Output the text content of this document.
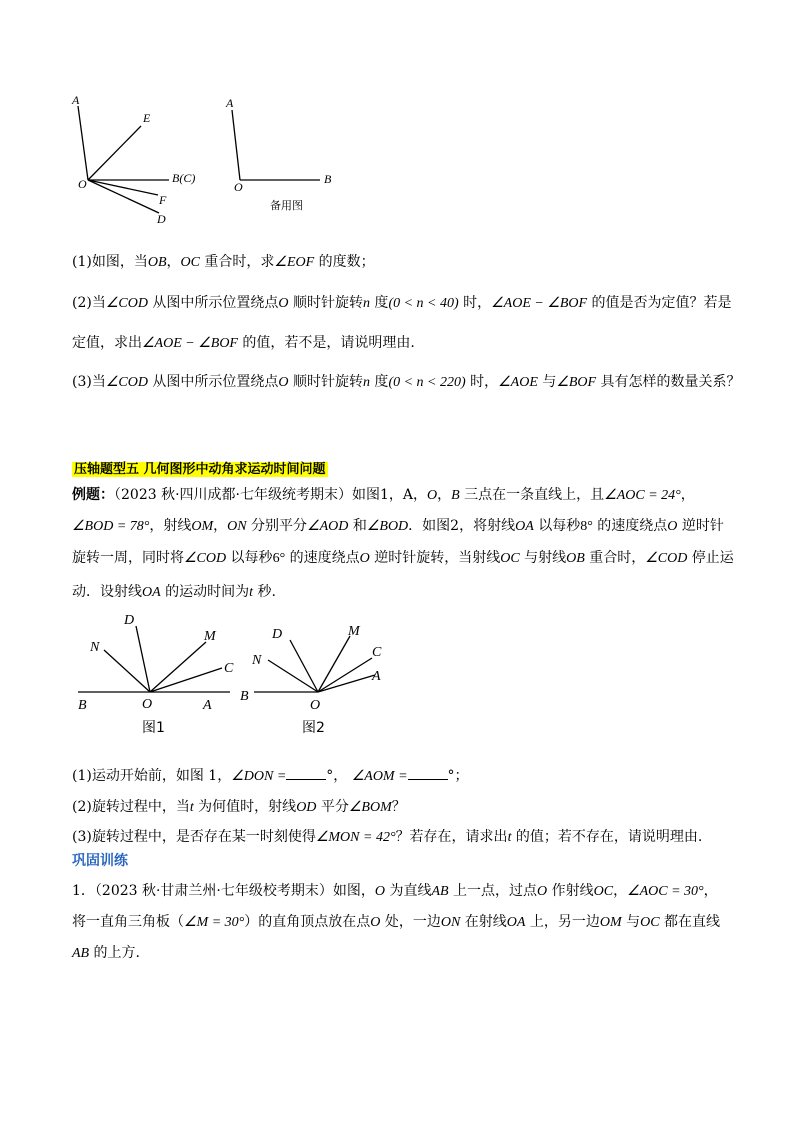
A
E
O	B(C)
F
D
A
O
B
备用图
(1)如图，当OB，OC 重合时，求∠EOF 的度数；
(2)当∠COD 从图中所示位置绕点O 顺时针旋转n 度(0 < n < 40) 时，∠AOE − ∠BOF 的值是否为定值？若是
定值，求出∠AOE − ∠BOF 的值，若不是，请说明理由.
(3)当∠COD 从图中所示位置绕点O 顺时针旋转n 度(0 < n < 220) 时，∠AOE 与∠BOF 具有怎样的数量关系？
压轴题型五 几何图形中动角求运动时间问题
例题：（2023 秋·四川成都·七年级统考期末）如图1，A，O，B 三点在一条直线上，且∠AOC = 24°，
∠BOD = 78°，射线OM，ON 分别平分∠AOD 和∠BOD．如图2，将射线OA 以每秒8° 的速度绕点O 逆时针
旋转一周，同时将∠COD 以每秒6° 的速度绕点O 逆时针旋转，当射线OC 与射线OB 重合时，∠COD 停止运
动．设射线OA 的运动时间为t 秒.
D
M
N
C
B	O	A
图1
D	M
C
N
A
B
O
图2
(1)运动开始前，如图 1，∠DON =	°， ∠AOM =	°；
(2)旋转过程中，当t 为何值时，射线OD 平分∠BOM？
(3)旋转过程中，是否存在某一时刻使得∠MON = 42°？若存在，请求出t 的值；若不存在，请说明理由.
巩固训练
1．（2023 秋·甘肃兰州·七年级校考期末）如图，O 为直线AB 上一点，过点O 作射线OC，∠AOC = 30°，
将一直角三角板（∠M = 30°）的直角顶点放在点O 处，一边ON 在射线OA 上，另一边OM 与OC 都在直线
AB 的上方.
